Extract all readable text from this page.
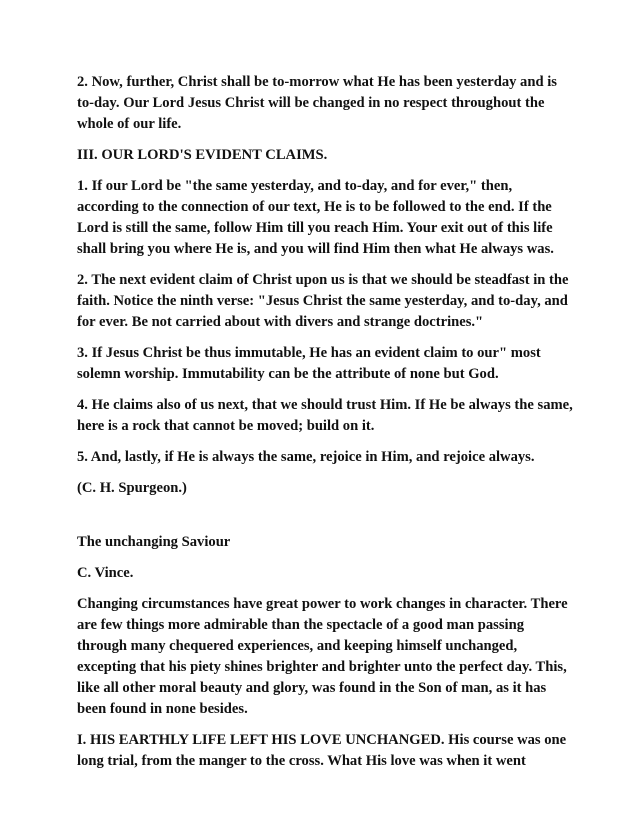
2. Now, further, Christ shall be to-morrow what He has been yesterday and is to-day. Our Lord Jesus Christ will be changed in no respect throughout the whole of our life.

III. OUR LORD'S EVIDENT CLAIMS.

1. If our Lord be "the same yesterday, and to-day, and for ever," then, according to the connection of our text, He is to be followed to the end. If the Lord is still the same, follow Him till you reach Him. Your exit out of this life shall bring you where He is, and you will find Him then what He always was.

2. The next evident claim of Christ upon us is that we should be steadfast in the faith. Notice the ninth verse: "Jesus Christ the same yesterday, and to-day, and for ever. Be not carried about with divers and strange doctrines."

3. If Jesus Christ be thus immutable, He has an evident claim to our" most solemn worship. Immutability can be the attribute of none but God.

4. He claims also of us next, that we should trust Him. If He be always the same, here is a rock that cannot be moved; build on it.

5. And, lastly, if He is always the same, rejoice in Him, and rejoice always.

(C. H. Spurgeon.)

The unchanging Saviour

C. Vince.

Changing circumstances have great power to work changes in character. There are few things more admirable than the spectacle of a good man passing through many chequered experiences, and keeping himself unchanged, excepting that his piety shines brighter and brighter unto the perfect day. This, like all other moral beauty and glory, was found in the Son of man, as it has been found in none besides.

I. HIS EARTHLY LIFE LEFT HIS LOVE UNCHANGED. His course was one long trial, from the manger to the cross. What His love was when it went
